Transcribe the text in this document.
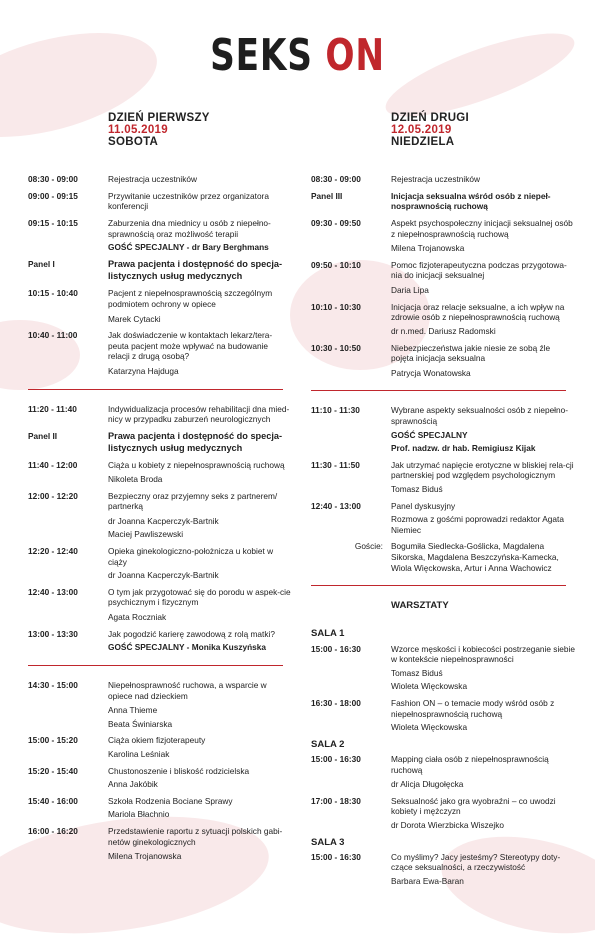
SEKS ON
DZIEŃ PIERWSZY
11.05.2019
SOBOTA
08:30 - 09:00	Rejestracja uczestników
09:00 - 09:15	Przywitanie uczestników przez organizatora konferencji
09:15 - 10:15	Zaburzenia dna miednicy u osób z niepełno-sprawnością oraz możliwość terapii
GOŚĆ SPECJALNY - dr Bary Berghmans
Panel I	Prawa pacjenta i dostępność do specja-listycznych usług medycznych
10:15 - 10:40	Pacjent z niepełnosprawnością szczególnym podmiotem ochrony w opiece
Marek Cytacki
10:40 - 11:00	Jak doświadczenie w kontaktach lekarz/tera-peuta pacjent może wpływać na budowanie relacji z drugą osobą?
Katarzyna Hajduga
11:20 - 11:40	Indywidualizacja procesów rehabilitacji dna mied-nicy w przypadku zaburzeń neurologicznych
Panel II	Prawa pacjenta i dostępność do specja-listycznych usług medycznych
11:40 - 12:00	Ciąża u kobiety z niepełnosprawnością ruchową
Nikoleta Broda
12:00 - 12:20	Bezpieczny oraz przyjemny seks z partnerem/ partnerką
dr Joanna Kacperczyk-Bartnik
Maciej Pawliszewski
12:20 - 12:40	Opieka ginekologiczno-położnicza u kobiet w ciąży
dr Joanna Kacperczyk-Bartnik
12:40 - 13:00	O tym jak przygotować się do porodu w aspek-cie psychicznym i fizycznym
Agata Roczniak
13:00 - 13:30	Jak pogodzić karierę zawodową z rolą matki?
GOŚĆ SPECJALNY - Monika Kuszyńska
14:30 - 15:00	Niepełnosprawność ruchowa, a wsparcie w opiece nad dzieckiem
Anna Thieme
Beata Świniarska
15:00 - 15:20	Ciąża okiem fizjoterapeuty
Karolina Leśniak
15:20 - 15:40	Chustonoszenie i bliskość rodzicielska
Anna Jakóbik
15:40 - 16:00	Szkoła Rodzenia Bociane Sprawy
Mariola Błachnio
16:00 - 16:20	Przedstawienie raportu z sytuacji polskich gabi-netów ginekologicznych
Milena Trojanowska
DZIEŃ DRUGI
12.05.2019
NIEDZIELA
08:30 - 09:00	Rejestracja uczestników
Panel III	Inicjacja seksualna wśród osób z niepeł-nosprawnością ruchową
09:30 - 09:50	Aspekt psychospołeczny inicjacji seksualnej osób z niepełnosprawnością ruchową
Milena Trojanowska
09:50 - 10:10	Pomoc fizjoterapeutyczna podczas przygotowa-nia do inicjacji seksualnej
Daria Lipa
10:10 - 10:30	Inicjacja oraz relacje seksualne, a ich wpływ na zdrowie osób z niepełnosprawnością ruchową
dr n.med. Dariusz Radomski
10:30 - 10:50	Niebezpieczeństwa jakie niesie ze sobą źle pojęta inicjacja seksualna
Patrycja Wonatowska
11:10 - 11:30	Wybrane aspekty seksualności osób z niepełno-sprawnością
GOŚĆ SPECJALNY
Prof. nadzw. dr hab. Remigiusz Kijak
11:30 - 11:50	Jak utrzymać napięcie erotyczne w bliskiej rela-cji partnerskiej pod względem psychologicznym
Tomasz Biduś
12:40 - 13:00	Panel dyskusyjny
Rozmowa z gośćmi poprowadzi redaktor Agata Niemiec
Goście: Bogumiła Siedlecka-Goślicka, Magdalena Sikorska, Magdalena Beszczyńska-Kamecka, Wiola Więckowska, Artur i Anna Wachowicz
WARSZTATY
SALA 1
15:00 - 16:30	Wzorce męskości i kobiecości postrzeganie siebie w kontekście niepełnosprawności
Tomasz Biduś
Wioleta Więckowska
16:30 - 18:00	Fashion ON – o temacie mody wśród osób z niepełnosprawnością ruchową
Wioleta Więckowska
SALA 2
15:00 - 16:30	Mapping ciała osób z niepełnosprawnością ruchową
dr Alicja Długołęcka
17:00 - 18:30	Seksualność jako gra wyobraźni – co uwodzi kobiety i mężczyzn
dr Dorota Wierzbicka Wiszejko
SALA 3
15:00 - 16:30	Co myślimy? Jacy jesteśmy? Stereotypy doty-czące seksualności, a rzeczywistość
Barbara Ewa-Baran
